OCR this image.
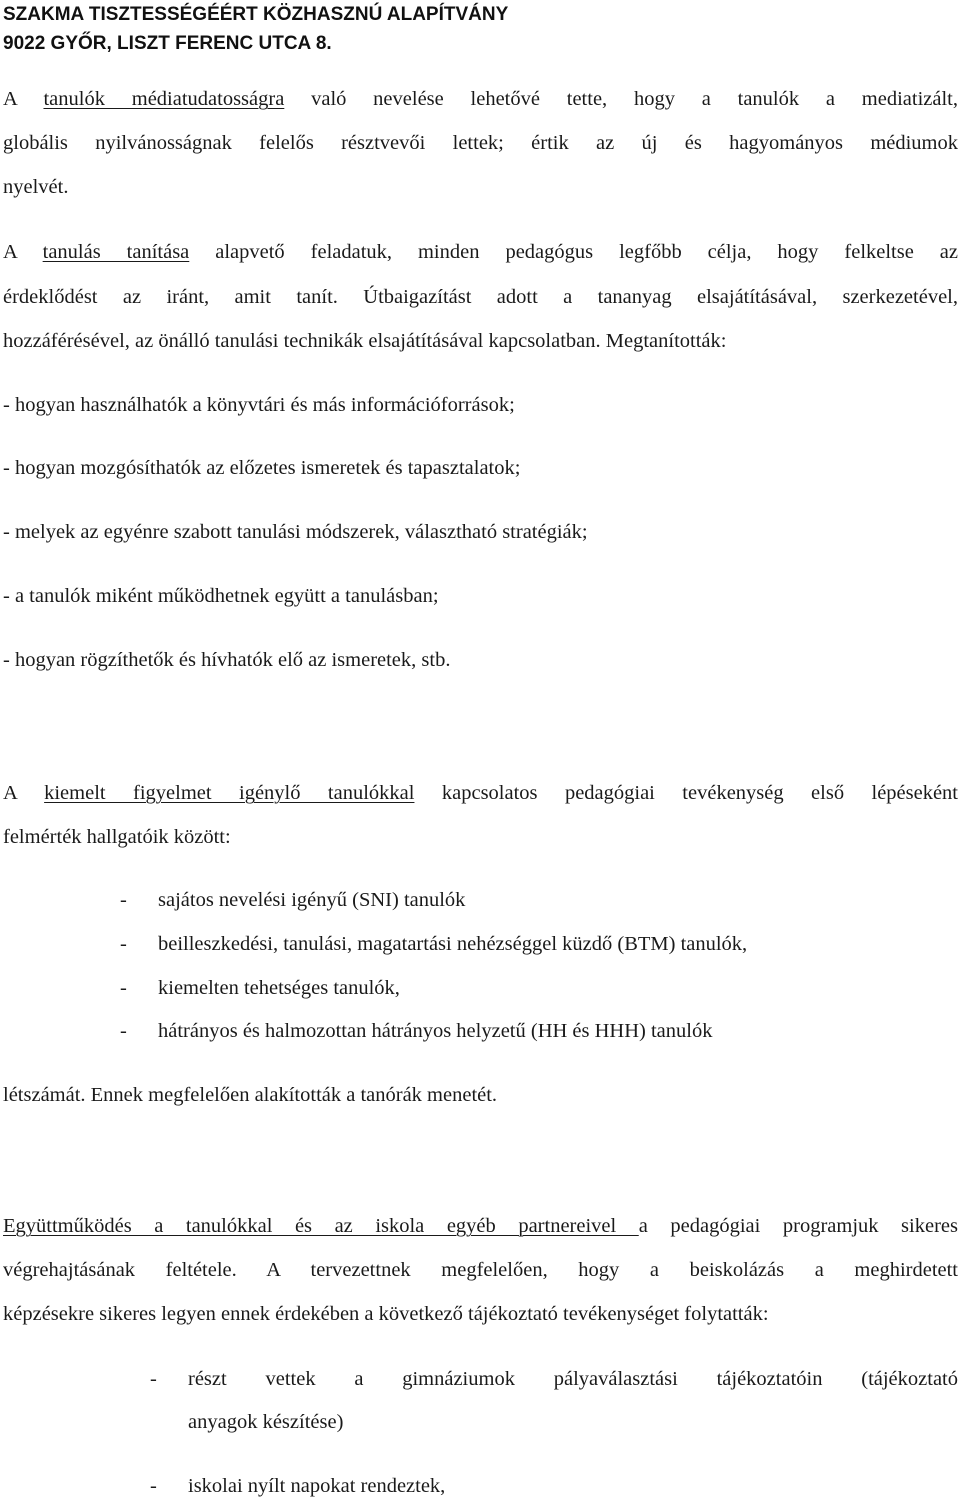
SZAKMA TISZTESSÉGÉÉRT KÖZHASZNÚ ALAPÍTVÁNY
9022 GYŐR, LISZT FERENC UTCA 8.
A tanulók médiatudatosságra való nevelése lehetővé tette, hogy a tanulók a mediatizált,
globális nyilvánosságnak felelős résztvevői lettek; értik az új és hagyományos médiumok
nyelvét.
A tanulás tanítása alapvető feladatuk, minden pedagógus legfőbb célja, hogy felkeltse az
érdeklődést az iránt, amit tanít. Útbaigazítást adott a tananyag elsajátításával, szerkezetével,
hozzáférésével, az önálló tanulási technikák elsajátításával kapcsolatban. Megtanították:
- hogyan használhatók a könyvtári és más információforrások;
- hogyan mozgósíthatók az előzetes ismeretek és tapasztalatok;
- melyek az egyénre szabott tanulási módszerek, választható stratégiák;
- a tanulók miként működhetnek együtt a tanulásban;
- hogyan rögzíthetők és hívhatók elő az ismeretek, stb.
A kiemelt figyelmet igénylő tanulókkal kapcsolatos pedagógiai tevékenység első lépéseként
felmérték hallgatóik között:
- sajátos nevelési igényű (SNI) tanulók
- beilleszkedési, tanulási, magatartási nehézséggel küzdő (BTM) tanulók,
- kiemelten tehetséges tanulók,
- hátrányos és halmozottan hátrányos helyzetű (HH és HHH) tanulók
létszámát. Ennek megfelelően alakították a tanórák menetét.
Együttműködés a tanulókkal és az iskola egyéb partnereivel a pedagógiai programjuk sikeres
végrehajtásának feltétele. A tervezettnek megfelelően, hogy a beiskolázás a meghirdetett
képzésekre sikeres legyen ennek érdekében a következő tájékoztató tevékenységet folytatták:
- részt vettek a gimnáziumok pályaválasztási tájékoztatóin (tájékoztató
anyagok készítése)
- iskolai nyílt napokat rendeztek,
